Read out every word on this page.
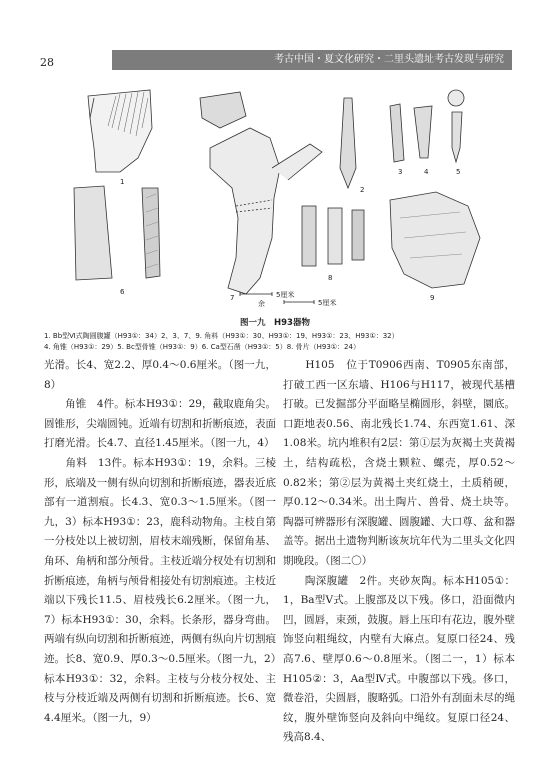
28	考古中国・夏文化研究・二里头遗址考古发现与研究
1
2
3	4	5
6
7
8
9
5厘米
余	5厘米
图一九　H93器物
1. Bb型Ⅵ式陶圆腹罐（H93①：34）2、3、7、9. 角料（H93①：30、H93①：19、H93①：23、H93①：32）
4. 角锥（H93①：29）5. Bc型骨锥（H93①：9）6. Ca型石凿（H93①：5）8. 骨片（H93①：24）

光滑。长4、宽2.2、厚0.4～0.6厘米。（图一九，8）

　　角锥　4件。标本H93①：29，截取鹿角尖。圆锥形，尖端圆钝。近端有切割和折断痕迹，表面打磨光滑。长4.7、直径1.45厘米。（图一九，4）

　　角料　13件。标本H93①：19，余料。三棱形，底端及一侧有纵向切割和折断痕迹，器表近底部有一道割痕。长4.3、宽0.3～1.5厘米。（图一九，3）标本H93①：23，鹿科动物角。主枝自第一分枝处以上被切割，眉枝末端残断，保留角基、角环、角柄和部分颅骨。主枝近端分杈处有切割和折断痕迹，角柄与颅骨相接处有切割痕迹。主枝近端以下残长11.5、眉枝残长6.2厘米。（图一九，7）标本H93①：30，余料。长条形，器身弯曲。两端有纵向切割和折断痕迹，两侧有纵向片切割痕迹。长8、宽0.9、厚0.3～0.5厘米。（图一九，2）标本H93①：32，余料。主枝与分枝分杈处、主枝与分枝近端及两侧有切割和折断痕迹。长6、宽4.4厘米。（图一九，9）

　　H105　位于T0906西南、T0905东南部，打破工西一区东墙、H106与H117，被现代基槽打破。已发掘部分平面略呈椭圆形，斜壁，圜底。口距地表0.56、南北残长1.74、东西宽1.61、深1.08米。坑内堆积有2层：第①层为灰褐土夹黄褐土，结构疏松，含烧土颗粒、螺壳，厚0.52～0.82米；第②层为黄褐土夹红烧土，土质稍硬，厚0.12～0.34米。出土陶片、兽骨、烧土块等。陶器可辨器形有深腹罐、圆腹罐、大口尊、盆和器盖等。据出土遗物判断该灰坑年代为二里头文化四期晚段。（图二〇）

　　陶深腹罐　2件。夹砂灰陶。标本H105①：1，Ba型Ⅴ式。上腹部及以下残。侈口，沿面微内凹，圆唇，束颈，鼓腹。唇上压印有花边，腹外壁饰竖向粗绳纹，内壁有大麻点。复原口径24、残高7.6、壁厚0.6～0.8厘米。（图二一，1）标本H105②：3，Aa型Ⅳ式。中腹部以下残。侈口，微卷沿，尖圆唇，腹略弧。口沿外有刮面未尽的绳纹，腹外壁饰竖向及斜向中绳纹。复原口径24、残高8.4、
